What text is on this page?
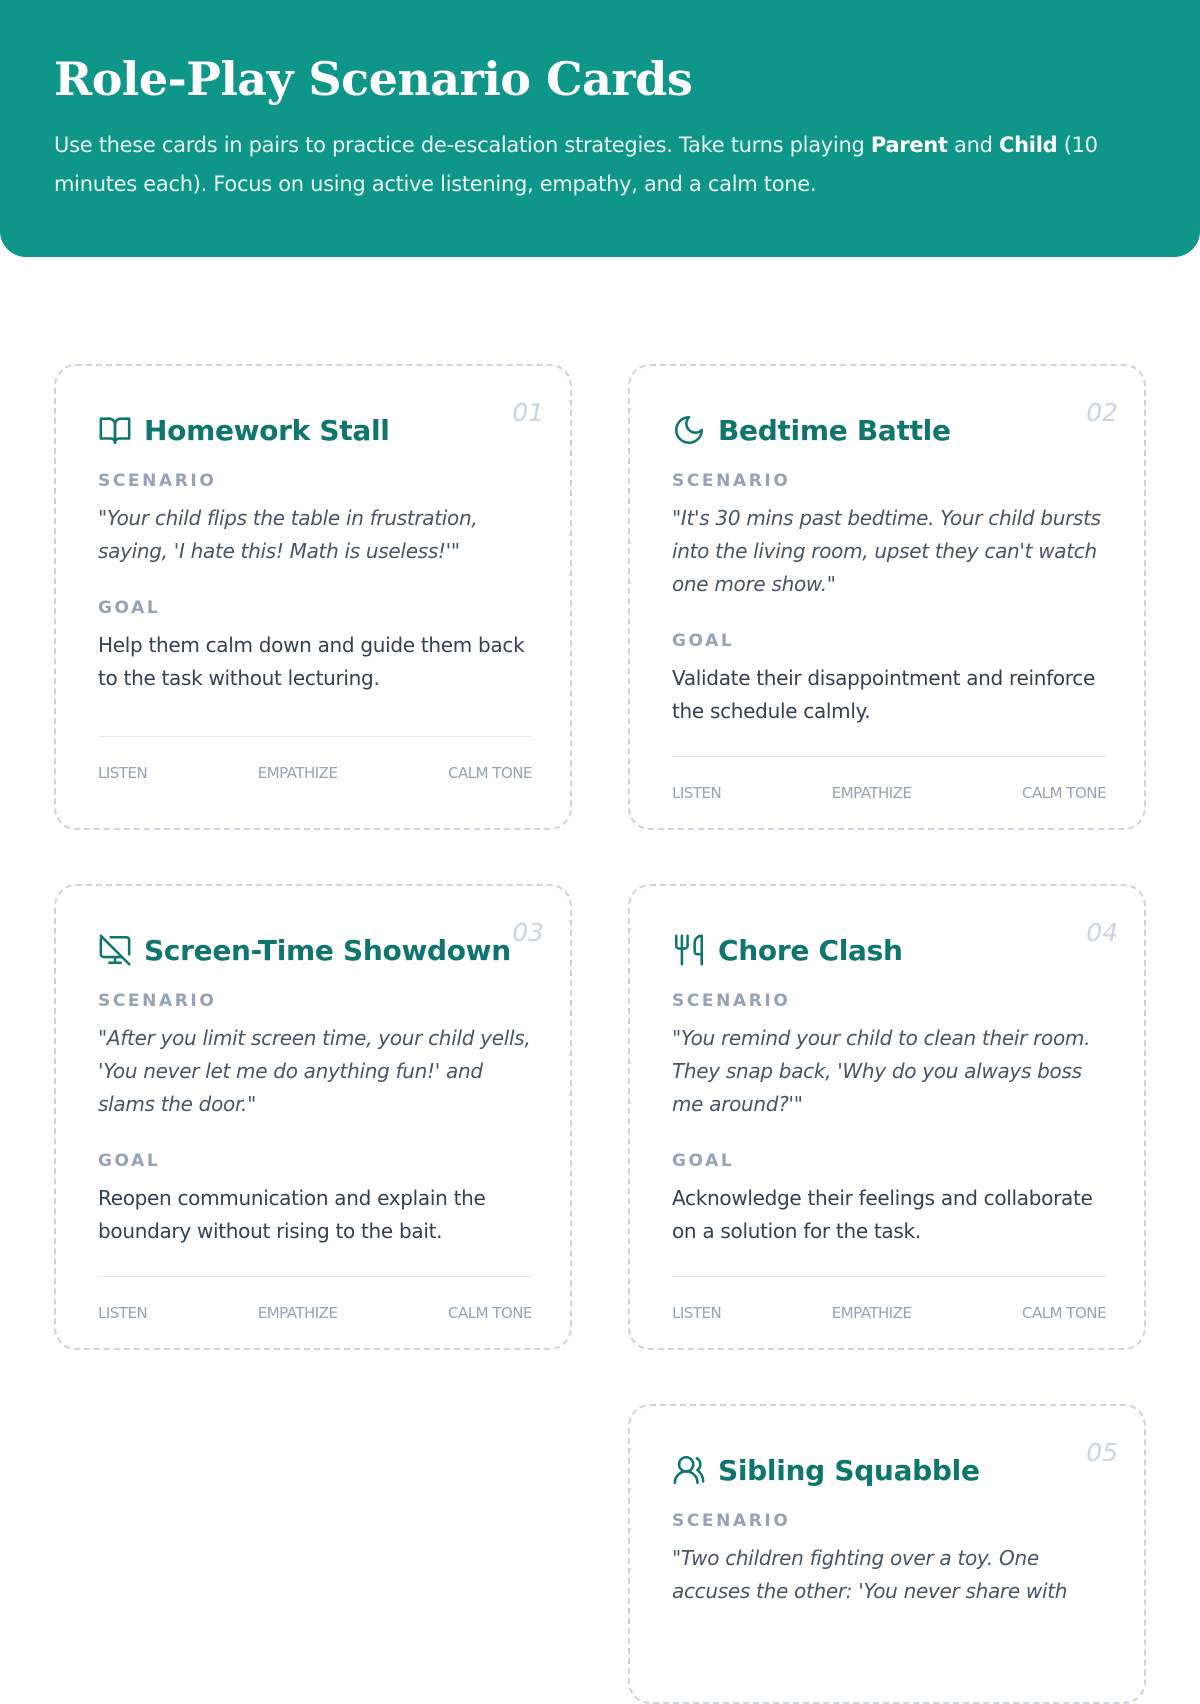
Role-Play Scenario Cards

Use these cards in pairs to practice de-escalation strategies. Take turns playing Parent and Child (10 minutes each). Focus on using active listening, empathy, and a calm tone.

01
Homework Stall
SCENARIO
"Your child flips the table in frustration, saying, 'I hate this! Math is useless!'"
GOAL
Help them calm down and guide them back to the task without lecturing.
LISTEN	EMPATHIZE	CALM TONE
02
Bedtime Battle
SCENARIO
"It's 30 mins past bedtime. Your child bursts into the living room, upset they can't watch one more show."
GOAL
Validate their disappointment and reinforce the schedule calmly.
LISTEN	EMPATHIZE	CALM TONE
03
Screen-Time Showdown
SCENARIO
"After you limit screen time, your child yells, 'You never let me do anything fun!' and slams the door."
GOAL
Reopen communication and explain the boundary without rising to the bait.
LISTEN	EMPATHIZE	CALM TONE
04
Chore Clash
SCENARIO
"You remind your child to clean their room. They snap back, 'Why do you always boss me around?'"
GOAL
Acknowledge their feelings and collaborate on a solution for the task.
LISTEN	EMPATHIZE	CALM TONE
05
Sibling Squabble
SCENARIO
"Two children fighting over a toy. One accuses the other: 'You never share with
